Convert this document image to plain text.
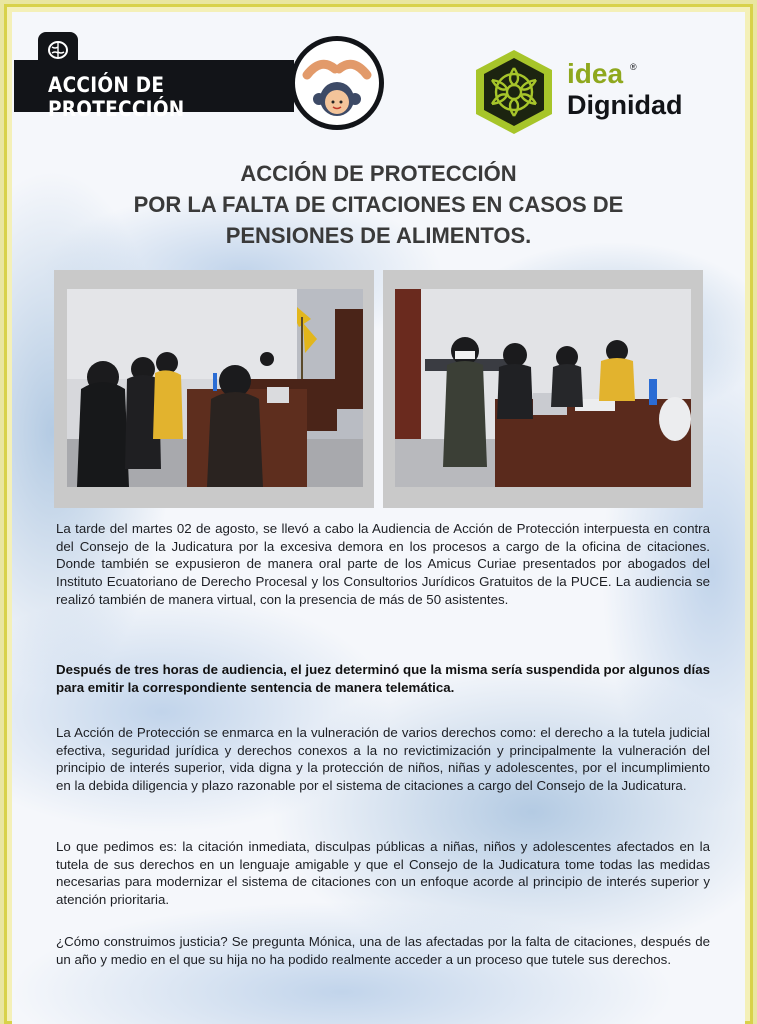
ACCIÓN DE PROTECCIÓN
idea ®
Dignidad
ACCIÓN DE PROTECCIÓN
POR LA FALTA DE CITACIONES EN CASOS DE
PENSIONES DE ALIMENTOS.

La tarde del martes 02 de agosto, se llevó a cabo la Audiencia de Acción de Protección interpuesta en contra del Consejo de la Judicatura por la excesiva demora en los procesos a cargo de la oficina de citaciones. Donde también se expusieron de manera oral parte de los Amicus Curiae presentados por abogados del Instituto Ecuatoriano de Derecho Procesal y los Consultorios Jurídicos Gratuitos de la PUCE. La audiencia se realizó también de manera virtual, con la presencia de más de 50 asistentes.

Después de tres horas de audiencia, el juez determinó que la misma sería suspendida por algunos días para emitir la correspondiente sentencia de manera telemática.

La Acción de Protección se enmarca en la vulneración de varios derechos como: el derecho a la tutela judicial efectiva, seguridad jurídica y derechos conexos a la no revictimización y principalmente la vulneración del principio de interés superior, vida digna y la protección de niños, niñas y adolescentes, por el incumplimiento en la debida diligencia y plazo razonable por el sistema de citaciones a cargo del Consejo de la Judicatura.

Lo que pedimos es: la citación inmediata, disculpas públicas a niñas, niños y adolescentes afectados en la tutela de sus derechos en un lenguaje amigable y que el Consejo de la Judicatura tome todas las medidas necesarias para modernizar el sistema de citaciones con un enfoque acorde al principio de interés superior y atención prioritaria.

¿Cómo construimos justicia? Se pregunta Mónica, una de las afectadas por la falta de citaciones, después de un año y medio en el que su hija no ha podido realmente acceder a un proceso que tutele sus derechos.
